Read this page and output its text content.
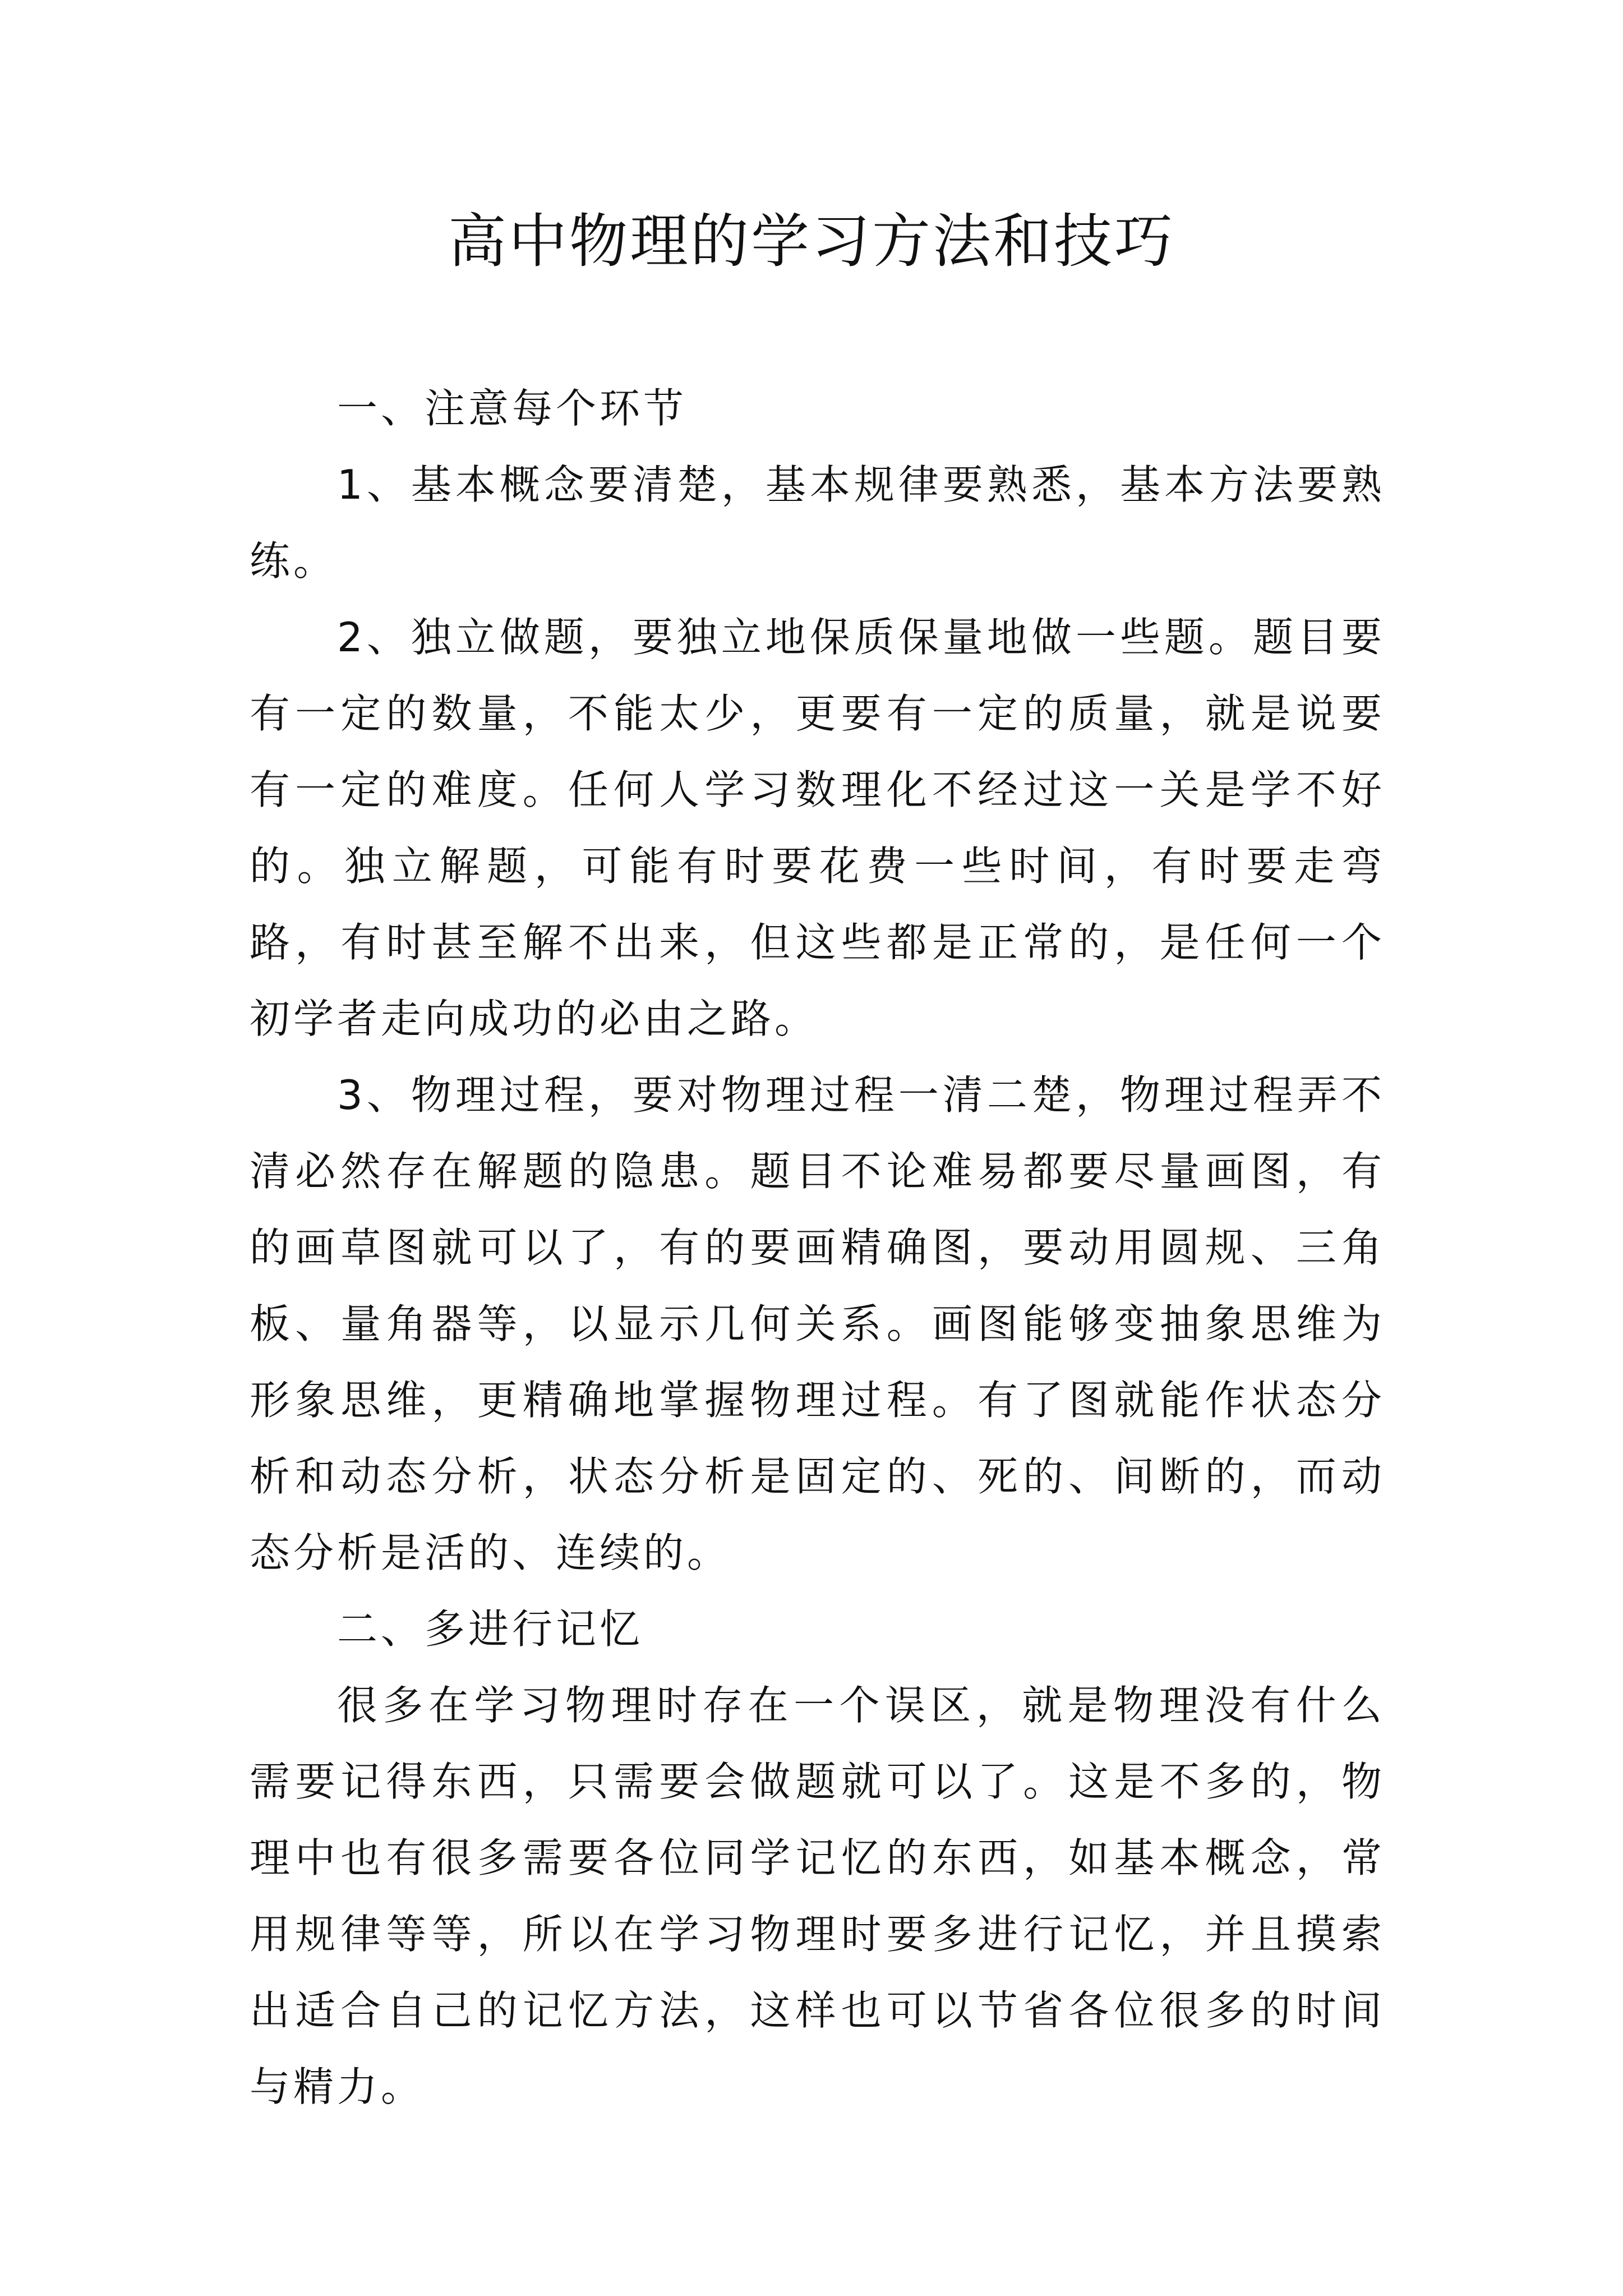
高中物理的学习方法和技巧

一、注意每个环节

1、基本概念要清楚，基本规律要熟悉，基本方法要熟练。

2、独立做题，要独立地保质保量地做一些题。题目要有一定的数量，不能太少，更要有一定的质量，就是说要有一定的难度。任何人学习数理化不经过这一关是学不好的。独立解题，可能有时要花费一些时间，有时要走弯路，有时甚至解不出来，但这些都是正常的，是任何一个初学者走向成功的必由之路。

3、物理过程，要对物理过程一清二楚，物理过程弄不清必然存在解题的隐患。题目不论难易都要尽量画图，有的画草图就可以了，有的要画精确图，要动用圆规、三角板、量角器等，以显示几何关系。画图能够变抽象思维为形象思维，更精确地掌握物理过程。有了图就能作状态分析和动态分析，状态分析是固定的、死的、间断的，而动态分析是活的、连续的。

二、多进行记忆

很多在学习物理时存在一个误区，就是物理没有什么需要记得东西，只需要会做题就可以了。这是不多的，物理中也有很多需要各位同学记忆的东西，如基本概念，常用规律等等，所以在学习物理时要多进行记忆，并且摸索出适合自己的记忆方法，这样也可以节省各位很多的时间与精力。
